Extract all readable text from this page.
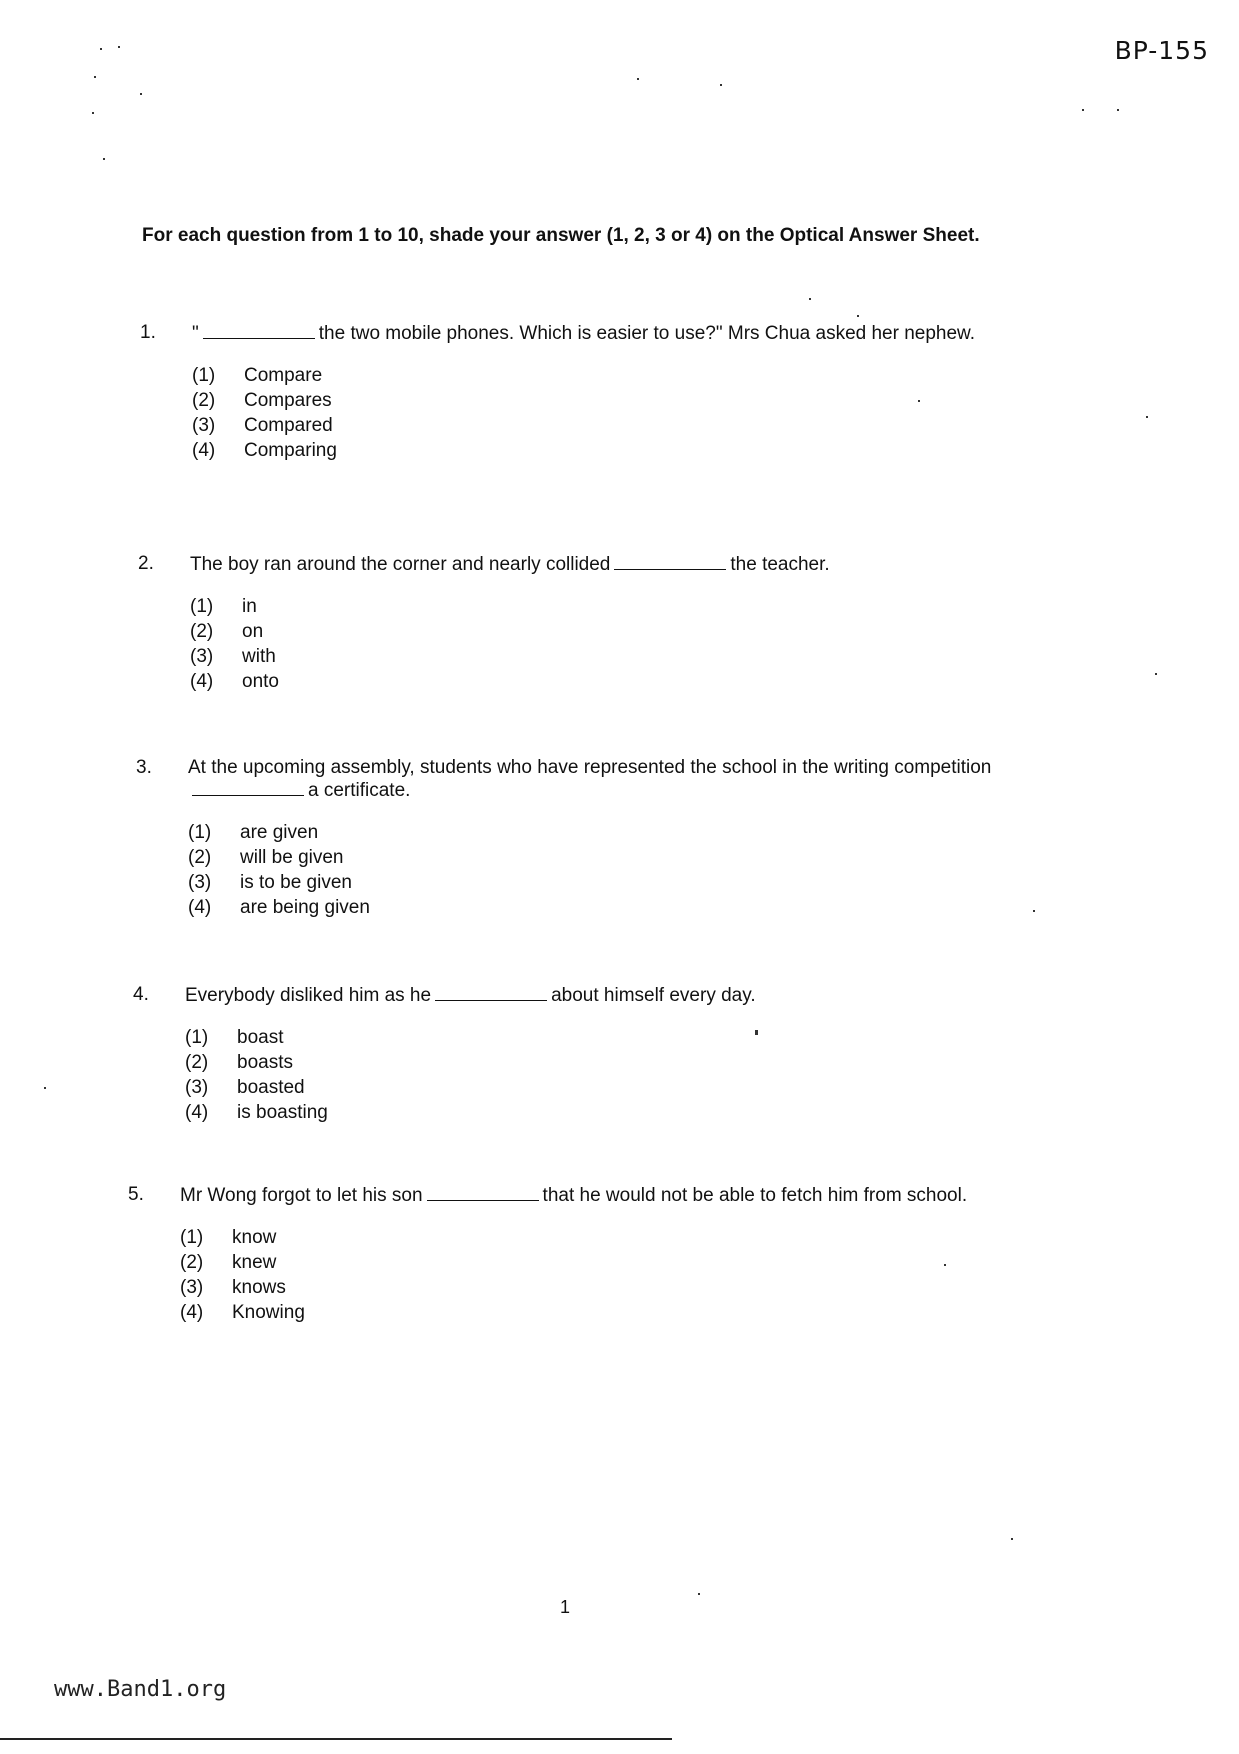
BP-155
For each question from 1 to 10, shade your answer (1, 2, 3 or 4) on the Optical Answer Sheet.
1. "	the two mobile phones. Which is easier to use?" Mrs Chua asked her nephew.
(1) Compare
(2) Compares
(3) Compared
(4) Comparing
2. The boy ran around the corner and nearly collided	the teacher.
(1) in
(2) on
(3) with
(4) onto
3. At the upcoming assembly, students who have represented the school in the writing competitiona certificate.
(1) are given
(2) will be given
(3) is to be given
(4) are being given
4. Everybody disliked him as he	about himself every day.
(1) boast
(2) boasts
(3) boasted
(4) is boasting
5. Mr Wong forgot to let his son	that he would not be able to fetch him from school.
(1) know
(2) knew
(3) knows
(4) Knowing
1
www.Band1.org
